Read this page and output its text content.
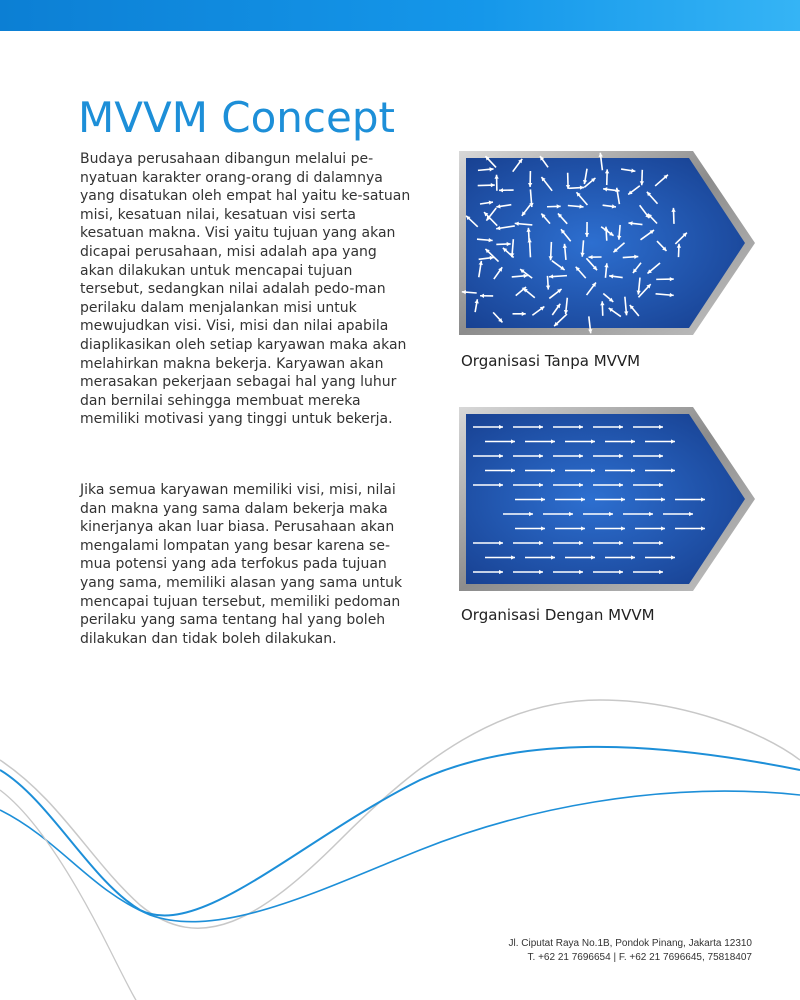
MVVM Concept

Budaya perusahaan dibangun melalui pe-nyatuan karakter orang-orang di dalamnya yang disatukan oleh empat hal yaitu ke-satuan misi, kesatuan nilai, kesatuan visi serta kesatuan makna. Visi yaitu tujuan yang akan dicapai perusahaan, misi adalah apa yang akan dilakukan untuk mencapai tujuan tersebut, sedangkan nilai adalah pedo-man perilaku dalam menjalankan misi untuk mewujudkan visi. Visi, misi dan nilai apabila diaplikasikan oleh setiap karyawan maka akan melahirkan makna bekerja. Karyawan akan merasakan pekerjaan sebagai hal yang luhur dan bernilai sehingga membuat mereka memiliki motivasi yang tinggi untuk bekerja.

Jika semua karyawan memiliki visi, misi, nilai dan makna yang sama dalam bekerja maka kinerjanya akan luar biasa. Perusahaan akan mengalami lompatan yang besar karena se-mua potensi yang ada terfokus pada tujuan yang sama, memiliki alasan yang sama untuk mencapai tujuan tersebut, memiliki pedoman perilaku yang sama tentang hal yang boleh dilakukan dan tidak boleh dilakukan.

Organisasi Tanpa MVVM

Organisasi Dengan MVVM

Jl. Ciputat Raya No.1B, Pondok Pinang, Jakarta 12310
T. +62 21 7696654 | F. +62 21 7696645, 75818407
